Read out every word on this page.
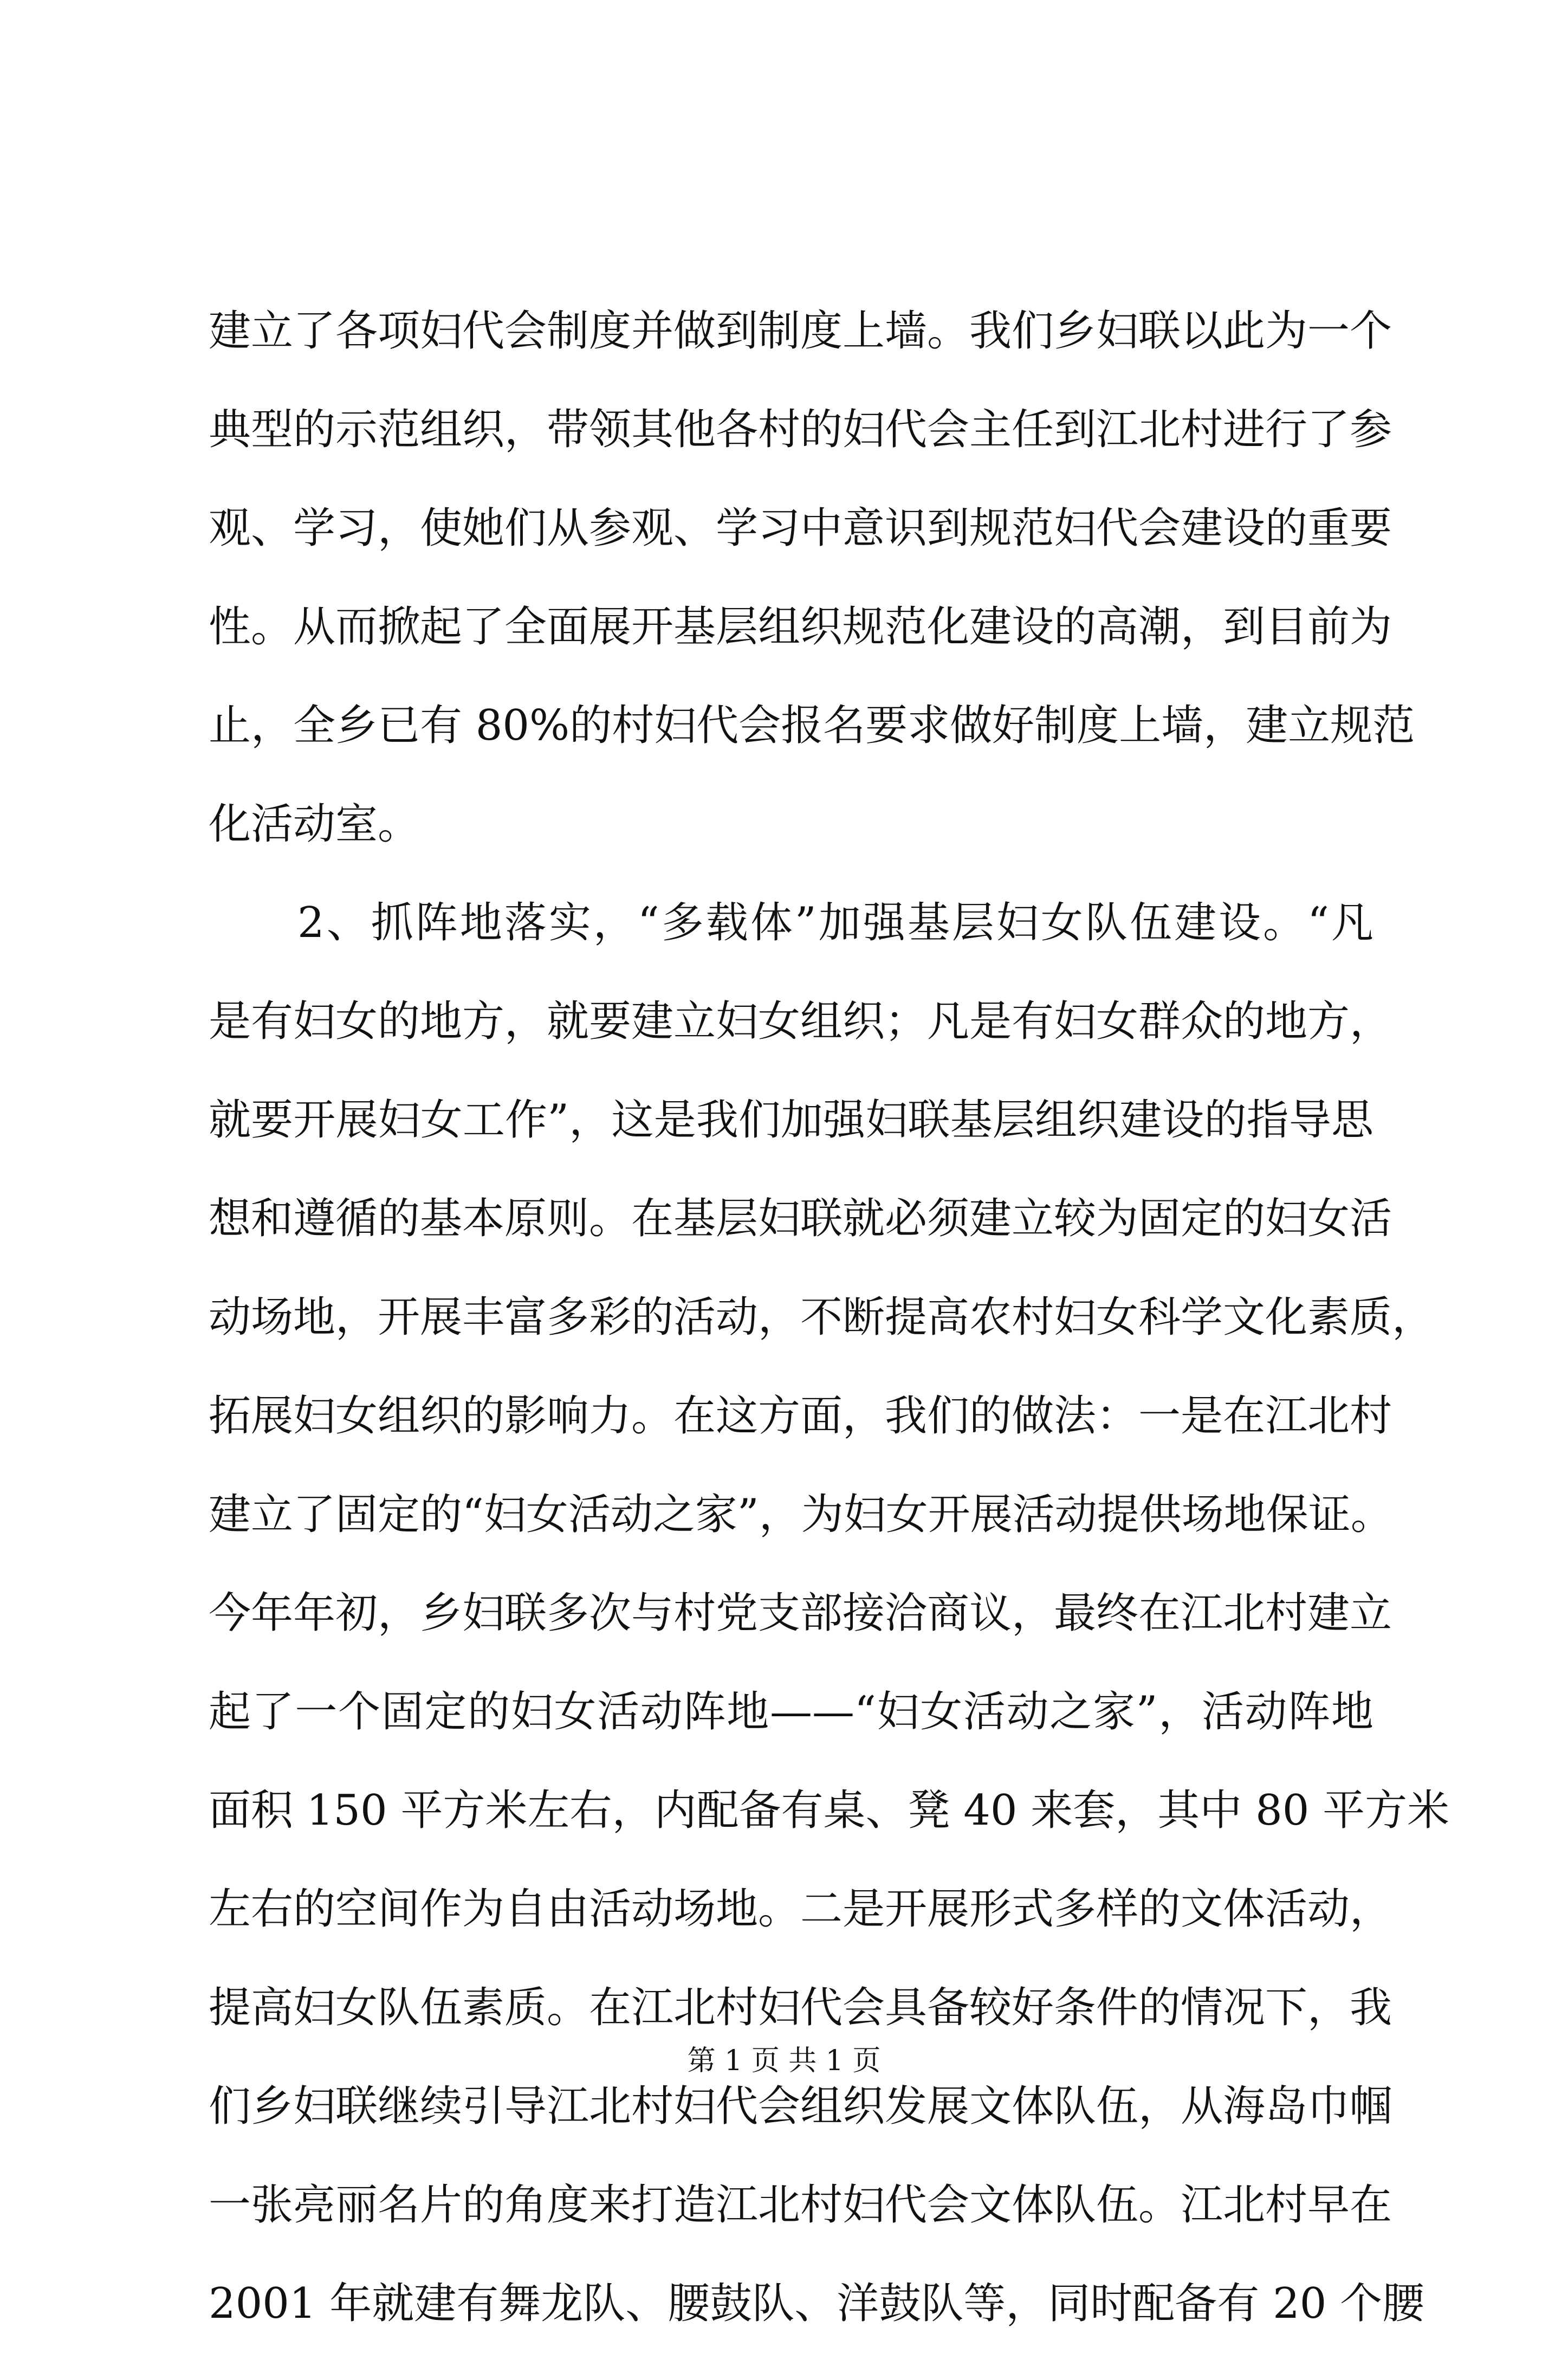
建立了各项妇代会制度并做到制度上墙。我们乡妇联以此为一个
典型的示范组织，带领其他各村的妇代会主任到江北村进行了参
观、学习，使她们从参观、学习中意识到规范妇代会建设的重要
性。从而掀起了全面展开基层组织规范化建设的高潮，到目前为
止，全乡已有 80%的村妇代会报名要求做好制度上墙，建立规范
化活动室。
　　2、抓阵地落实，“多载体”加强基层妇女队伍建设。“凡
是有妇女的地方，就要建立妇女组织；凡是有妇女群众的地方，
就要开展妇女工作”，这是我们加强妇联基层组织建设的指导思
想和遵循的基本原则。在基层妇联就必须建立较为固定的妇女活
动场地，开展丰富多彩的活动，不断提高农村妇女科学文化素质，
拓展妇女组织的影响力。在这方面，我们的做法：一是在江北村
建立了固定的“妇女活动之家”，为妇女开展活动提供场地保证。
今年年初，乡妇联多次与村党支部接洽商议，最终在江北村建立
起了一个固定的妇女活动阵地——“妇女活动之家”，活动阵地
面积 150 平方米左右，内配备有桌、凳 40 来套，其中 80 平方米
左右的空间作为自由活动场地。二是开展形式多样的文体活动，
提高妇女队伍素质。在江北村妇代会具备较好条件的情况下，我
们乡妇联继续引导江北村妇代会组织发展文体队伍，从海岛巾帼
一张亮丽名片的角度来打造江北村妇代会文体队伍。江北村早在
2001 年就建有舞龙队、腰鼓队、洋鼓队等，同时配备有 20 个腰
第 1 页 共 1 页
